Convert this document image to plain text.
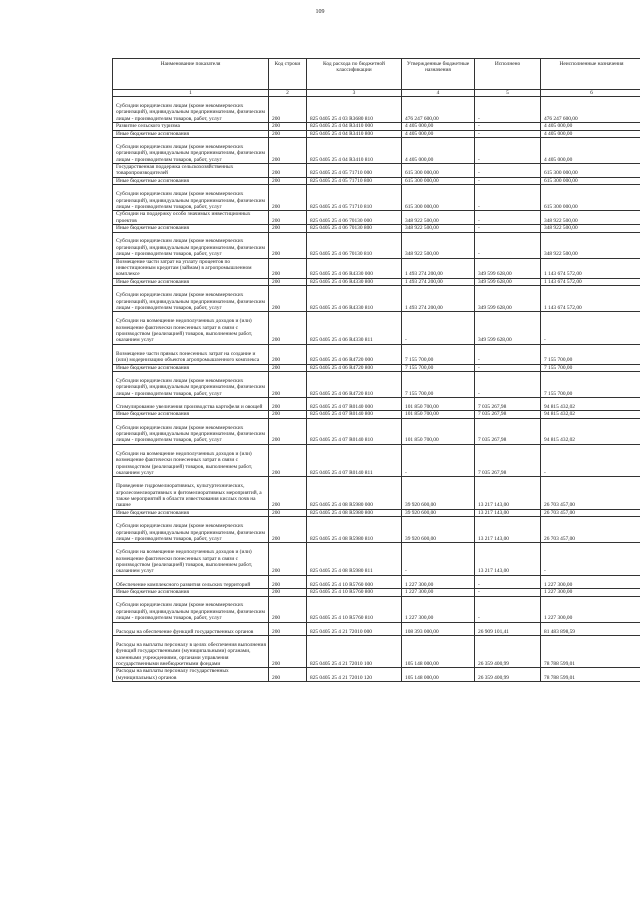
109
Наименование показателя	Код строки	Код расхода по бюджетной классификации	Утвержденные бюджетные назначения	Исполнено	Неисполненные назначения
1	2	3	4	5	6
Субсидии юридическим лицам (кроме некоммерческих организаций), индивидуальным предпринимателям, физическим лицам - производителям товаров, работ, услуг	200	825 0405 25 4 03 R3680 810	476 247 600,00	-	476 247 600,00
Развитие сельского туризма	200	825 0405 25 4 04 R3410 000	4 405 000,00	-	4 405 000,00
Иные бюджетные ассигнования	200	825 0405 25 4 04 R3410 800	4 405 000,00	-	4 405 000,00
Субсидии юридическим лицам (кроме некоммерческих организаций), индивидуальным предпринимателям, физическим лицам - производителям товаров, работ, услуг	200	825 0405 25 4 04 R3410 810	4 405 000,00	-	4 405 000,00
Государственная поддержка сельскохозяйственных товаропроизводителей	200	825 0405 25 4 05 71710 000	615 300 000,00	-	615 300 000,00
Иные бюджетные ассигнования	200	825 0405 25 4 05 71710 800	615 300 000,00	-	615 300 000,00
Субсидии юридическим лицам (кроме некоммерческих организаций), индивидуальным предпринимателям, физическим лицам - производителям товаров, работ, услуг	200	825 0405 25 4 05 71710 810	615 300 000,00	-	615 300 000,00
Субсидии на поддержку особо значимых инвестиционных проектов	200	825 0405 25 4 06 70130 000	348 922 500,00	-	348 922 500,00
Иные бюджетные ассигнования	200	825 0405 25 4 06 70130 800	348 922 500,00	-	348 922 500,00
Субсидии юридическим лицам (кроме некоммерческих организаций), индивидуальным предпринимателям, физическим лицам - производителям товаров, работ, услуг	200	825 0405 25 4 06 70130 810	348 922 500,00	-	348 922 500,00
Возмещение части затрат на уплату процентов по инвестиционным кредитам (займам) в агропромышленном комплексе	200	825 0405 25 4 06 R4330 000	1 493 274 200,00	349 599 628,00	1 143 674 572,00
Иные бюджетные ассигнования	200	825 0405 25 4 06 R4330 800	1 493 274 200,00	349 599 628,00	1 143 674 572,00
Субсидии юридическим лицам (кроме некоммерческих организаций), индивидуальным предпринимателям, физическим лицам - производителям товаров, работ, услуг	200	825 0405 25 4 06 R4330 810	1 493 274 200,00	349 599 628,00	1 143 674 572,00
Субсидии на возмещение недополученных доходов и (или) возмещение фактически понесенных затрат в связи с производством (реализацией) товаров, выполнением работ, оказанием услуг	200	825 0405 25 4 06 R4330 811	-	349 599 628,00	-
Возмещение части прямых понесенных затрат на создание и (или) модернизацию объектов агропромышленного комплекса	200	825 0405 25 4 06 R4720 000	7 155 700,00	-	7 155 700,00
Иные бюджетные ассигнования	200	825 0405 25 4 06 R4720 800	7 155 700,00	-	7 155 700,00
Субсидии юридическим лицам (кроме некоммерческих организаций), индивидуальным предпринимателям, физическим лицам - производителям товаров, работ, услуг	200	825 0405 25 4 06 R4720 810	7 155 700,00	-	7 155 700,00
Стимулирование увеличения производства картофеля и овощей	200	825 0405 25 4 07 R0140 000	101 850 700,00	7 035 267,98	94 815 432,02
Иные бюджетные ассигнования	200	825 0405 25 4 07 R0140 800	101 850 700,00	7 035 267,98	94 815 432,02
Субсидии юридическим лицам (кроме некоммерческих организаций), индивидуальным предпринимателям, физическим лицам - производителям товаров, работ, услуг	200	825 0405 25 4 07 R0140 810	101 850 700,00	7 035 267,98	94 815 432,02
Субсидии на возмещение недополученных доходов и (или) возмещение фактически понесенных затрат в связи с производством (реализацией) товаров, выполнением работ, оказанием услуг	200	825 0405 25 4 07 R0140 811	-	7 035 267,98	-
Проведение гидромелиоративных, культуртехнических, агролесомелиоративных и фитомелиоративных мероприятий, а также мероприятий в области известкования кислых почв на пашне	200	825 0405 25 4 08 R5980 000	39 920 600,00	13 217 143,00	26 703 457,00
Иные бюджетные ассигнования	200	825 0405 25 4 08 R5980 800	39 920 600,00	13 217 143,00	26 703 457,00
Субсидии юридическим лицам (кроме некоммерческих организаций), индивидуальным предпринимателям, физическим лицам - производителям товаров, работ, услуг	200	825 0405 25 4 08 R5980 810	39 920 600,00	13 217 143,00	26 703 457,00
Субсидии на возмещение недополученных доходов и (или) возмещение фактически понесенных затрат в связи с производством (реализацией) товаров, выполнением работ, оказанием услуг	200	825 0405 25 4 08 R5980 811	-	13 217 143,00	-
Обеспечение комплексного развития сельских территорий	200	825 0405 25 4 10 R5760 000	1 227 300,00	-	1 227 300,00
Иные бюджетные ассигнования	200	825 0405 25 4 10 R5760 800	1 227 300,00	-	1 227 300,00
Субсидии юридическим лицам (кроме некоммерческих организаций), индивидуальным предпринимателям, физическим лицам - производителям товаров, работ, услуг	200	825 0405 25 4 10 R5760 810	1 227 300,00	-	1 227 300,00
Расходы на обеспечение функций государственных органов	200	825 0405 25 4 21 72010 000	108 393 000,00	26 909 101,41	81 483 898,59
Расходы на выплаты персоналу в целях обеспечения выполнения функций государственными (муниципальными) органами, казенными учреждениями, органами управления государственными внебюджетными фондами	200	825 0405 25 4 21 72010 100	105 148 000,00	26 359 400,99	78 788 599,01
Расходы на выплаты персоналу государственных (муниципальных) органов	200	825 0405 25 4 21 72010 120	105 148 000,00	26 359 400,99	78 788 599,01
